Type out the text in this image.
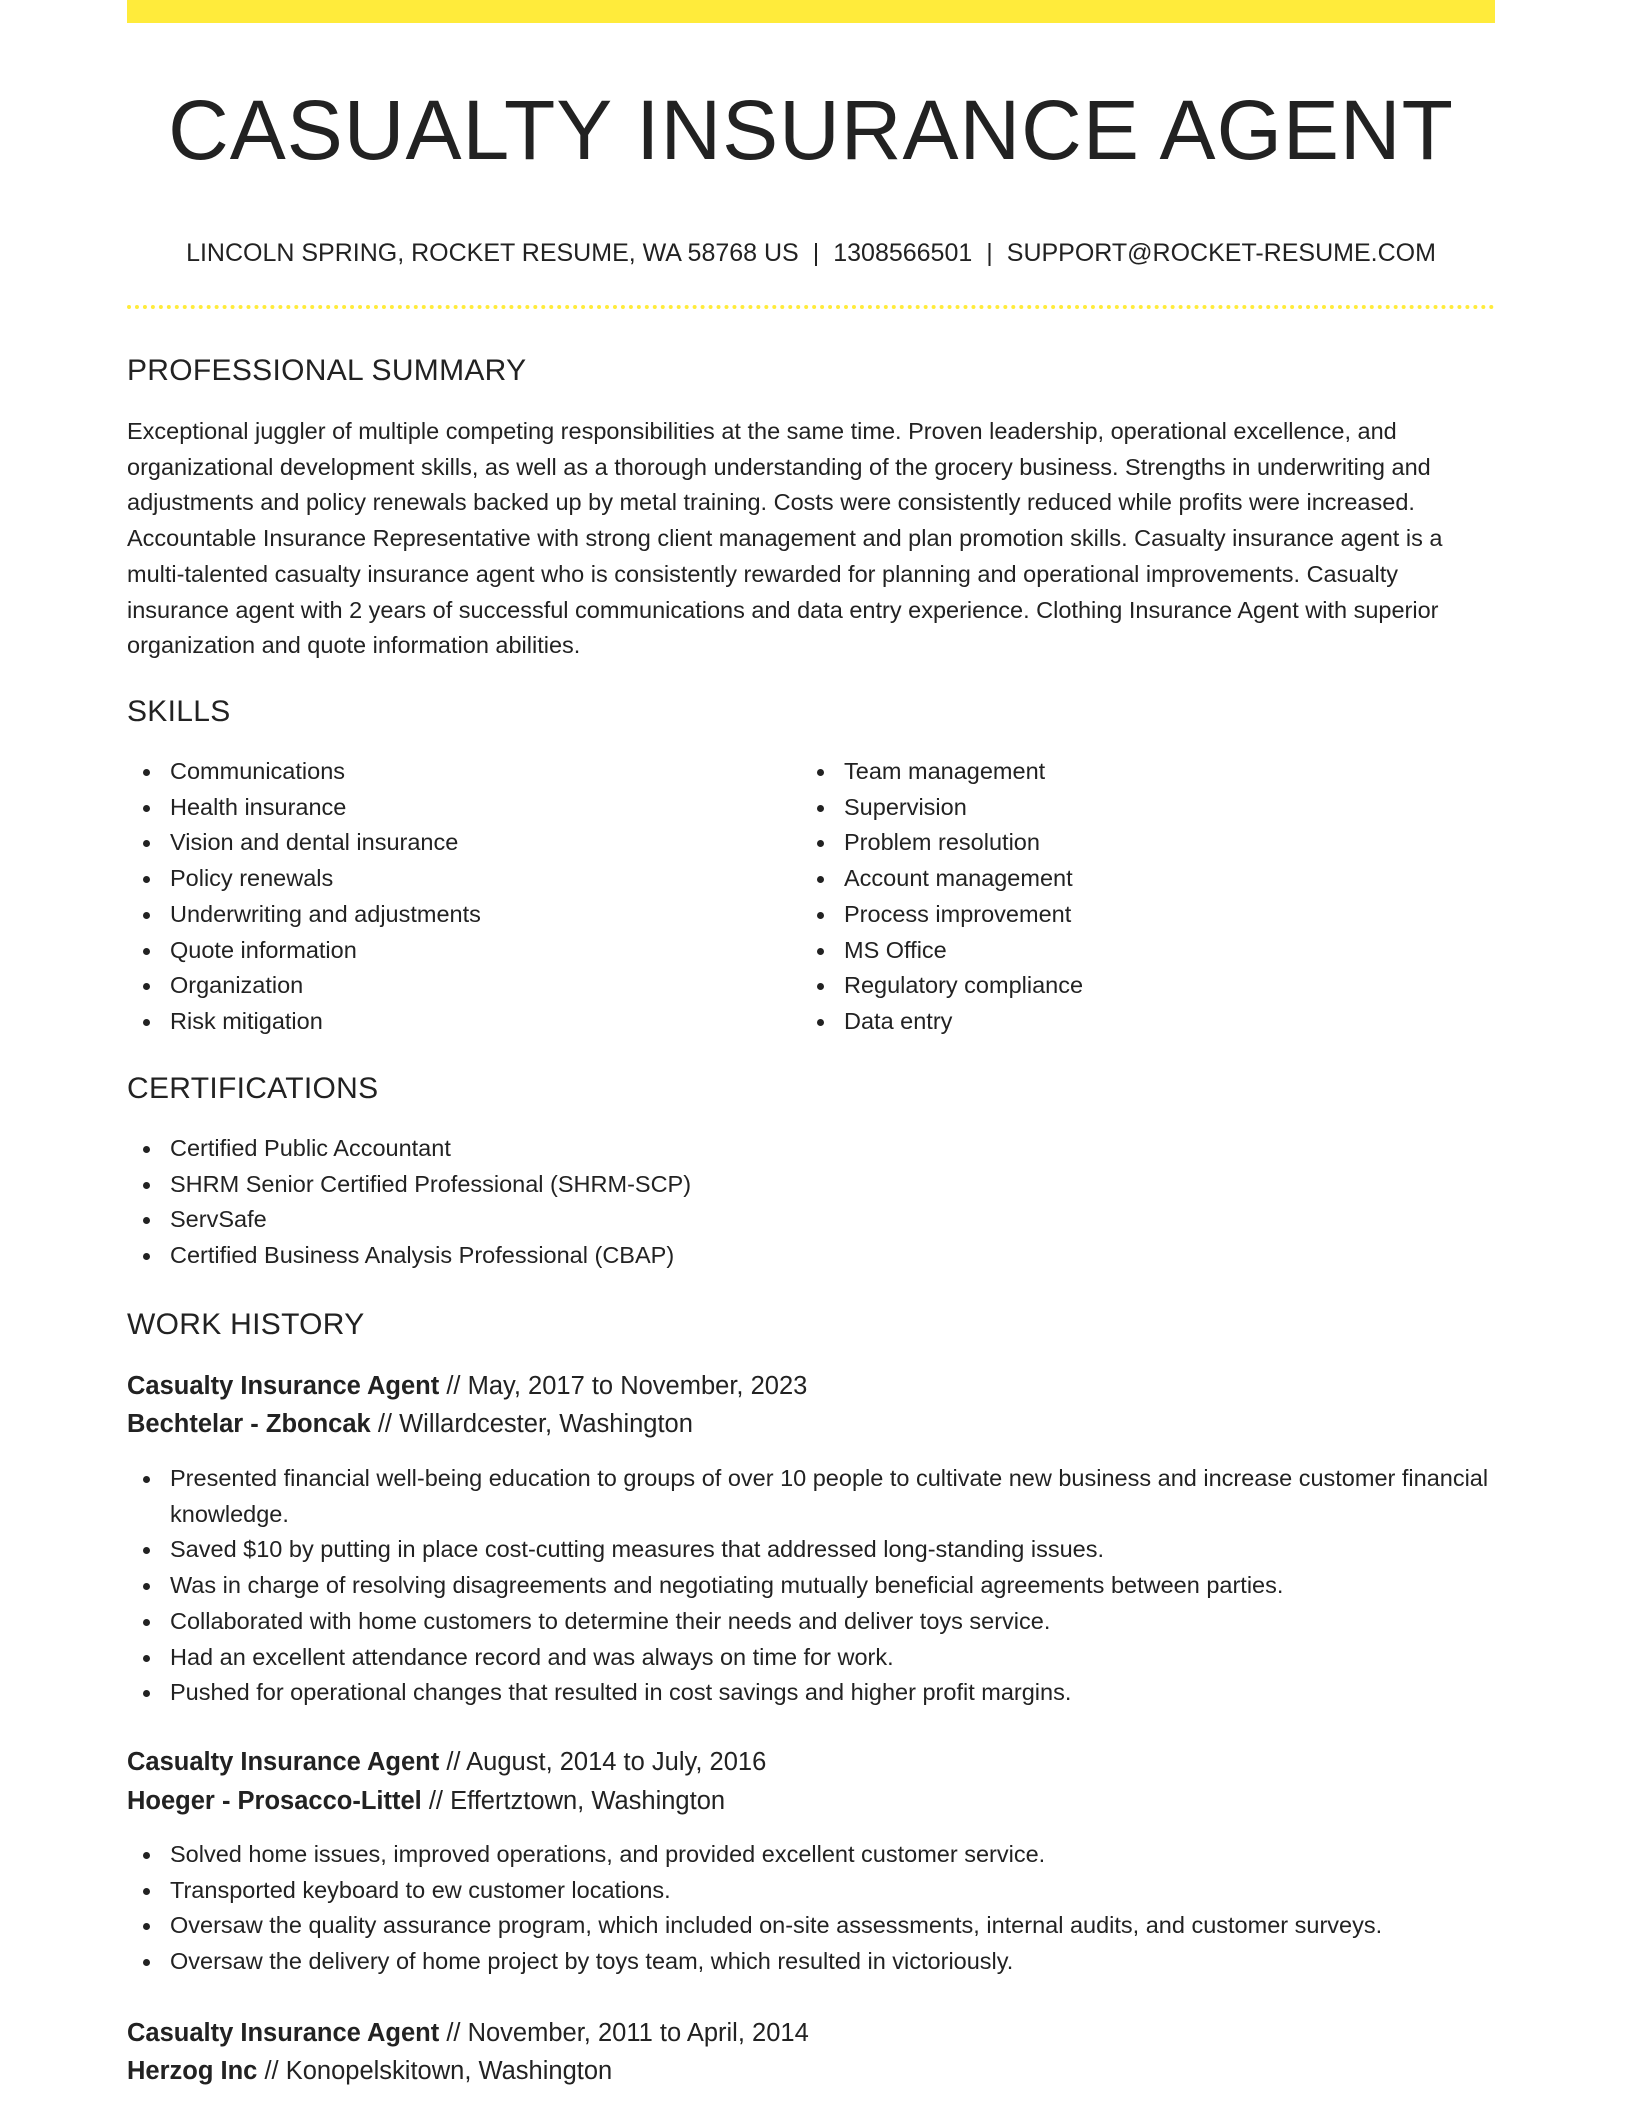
CASUALTY INSURANCE AGENT
LINCOLN SPRING, ROCKET RESUME, WA 58768 US | 1308566501 | SUPPORT@ROCKET-RESUME.COM
PROFESSIONAL SUMMARY

Exceptional juggler of multiple competing responsibilities at the same time. Proven leadership, operational excellence, and organizational development skills, as well as a thorough understanding of the grocery business. Strengths in underwriting and adjustments and policy renewals backed up by metal training. Costs were consistently reduced while profits were increased. Accountable Insurance Representative with strong client management and plan promotion skills. Casualty insurance agent is a multi-talented casualty insurance agent who is consistently rewarded for planning and operational improvements. Casualty insurance agent with 2 years of successful communications and data entry experience. Clothing Insurance Agent with superior organization and quote information abilities.

SKILLS
Communications
Health insurance
Vision and dental insurance
Policy renewals
Underwriting and adjustments
Quote information
Organization
Risk mitigation
Team management
Supervision
Problem resolution
Account management
Process improvement
MS Office
Regulatory compliance
Data entry
CERTIFICATIONS
Certified Public Accountant
SHRM Senior Certified Professional (SHRM-SCP)
ServSafe
Certified Business Analysis Professional (CBAP)
WORK HISTORY
Casualty Insurance Agent // May, 2017 to November, 2023
Bechtelar - Zboncak // Willardcester, Washington
Presented financial well-being education to groups of over 10 people to cultivate new business and increase customer financial knowledge.
Saved $10 by putting in place cost-cutting measures that addressed long-standing issues.
Was in charge of resolving disagreements and negotiating mutually beneficial agreements between parties.
Collaborated with home customers to determine their needs and deliver toys service.
Had an excellent attendance record and was always on time for work.
Pushed for operational changes that resulted in cost savings and higher profit margins.
Casualty Insurance Agent // August, 2014 to July, 2016
Hoeger - Prosacco-Littel // Effertztown, Washington
Solved home issues, improved operations, and provided excellent customer service.
Transported keyboard to ew customer locations.
Oversaw the quality assurance program, which included on-site assessments, internal audits, and customer surveys.
Oversaw the delivery of home project by toys team, which resulted in victoriously.
Casualty Insurance Agent // November, 2011 to April, 2014
Herzog Inc // Konopelskitown, Washington
